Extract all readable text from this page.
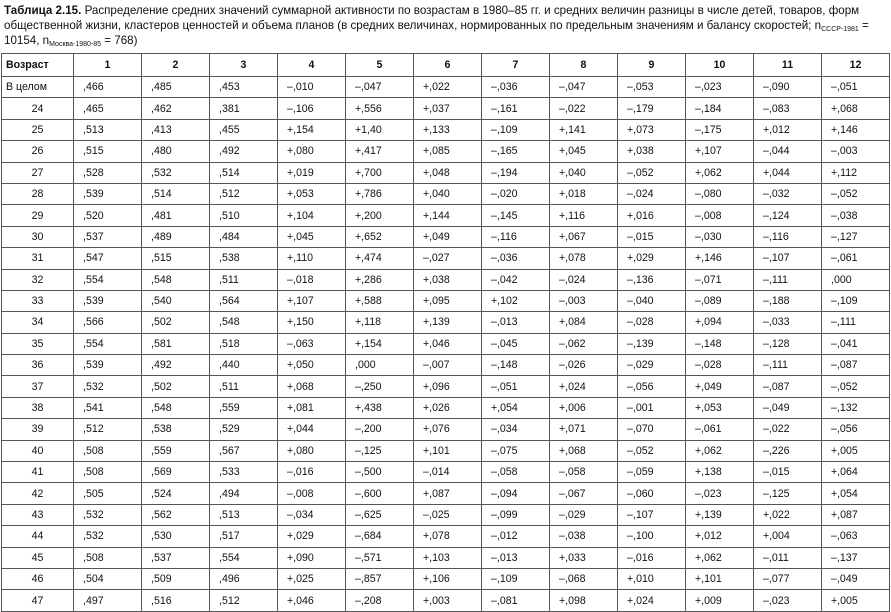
Таблица 2.15. Распределение средних значений суммарной активности по возрастам в 1980–85 гг. и средних величин разницы в числе детей, товаров, форм общественной жизни, кластеров ценностей и объема планов (в средних величинах, нормированных по предельным значениям и балансу скоростей; $n_{СССР-1981} = 10154$, $n_{Москва-1980-85} = 768$)
Возраст	1	2	3	4	5	6	7	8	9	10	11	12
В целом	,466	,485	,453	–,010	–,047	+,022	–,036	–,047	–,053	–,023	–,090	–,051
24	,465	,462	,381	–,106	+,556	+,037	–,161	–,022	–,179	–,184	–,083	+,068
25	,513	,413	,455	+,154	+1,40	+,133	–,109	+,141	+,073	–,175	+,012	+,146
26	,515	,480	,492	+,080	+,417	+,085	–,165	+,045	+,038	+,107	–,044	–,003
27	,528	,532	,514	+,019	+,700	+,048	–,194	+,040	–,052	+,062	+,044	+,112
28	,539	,514	,512	+,053	+,786	+,040	–,020	+,018	–,024	–,080	–,032	–,052
29	,520	,481	,510	+,104	+,200	+,144	–,145	+,116	+,016	–,008	–,124	–,038
30	,537	,489	,484	+,045	+,652	+,049	–,116	+,067	–,015	–,030	–,116	–,127
31	,547	,515	,538	+,110	+,474	–,027	–,036	+,078	+,029	+,146	–,107	–,061
32	,554	,548	,511	–,018	+,286	+,038	–,042	–,024	–,136	–,071	–,111	,000
33	,539	,540	,564	+,107	+,588	+,095	+,102	–,003	–,040	–,089	–,188	–,109
34	,566	,502	,548	+,150	+,118	+,139	–,013	+,084	–,028	+,094	–,033	–,111
35	,554	,581	,518	–,063	+,154	+,046	–,045	–,062	–,139	–,148	–,128	–,041
36	,539	,492	,440	+,050	,000	–,007	–,148	–,026	–,029	–,028	–,111	–,087
37	,532	,502	,511	+,068	–,250	+,096	–,051	+,024	–,056	+,049	–,087	–,052
38	,541	,548	,559	+,081	+,438	+,026	+,054	+,006	–,001	+,053	–,049	–,132
39	,512	,538	,529	+,044	–,200	+,076	–,034	+,071	–,070	–,061	–,022	–,056
40	,508	,559	,567	+,080	–,125	+,101	–,075	+,068	–,052	+,062	–,226	+,005
41	,508	,569	,533	–,016	–,500	–,014	–,058	–,058	–,059	+,138	–,015	+,064
42	,505	,524	,494	–,008	–,600	+,087	–,094	–,067	–,060	–,023	–,125	+,054
43	,532	,562	,513	–,034	–,625	–,025	–,099	–,029	–,107	+,139	+,022	+,087
44	,532	,530	,517	+,029	–,684	+,078	–,012	–,038	–,100	+,012	+,004	–,063
45	,508	,537	,554	+,090	–,571	+,103	–,013	+,033	–,016	+,062	–,011	–,137
46	,504	,509	,496	+,025	–,857	+,106	–,109	–,068	+,010	+,101	–,077	–,049
47	,497	,516	,512	+,046	–,208	+,003	–,081	+,098	+,024	+,009	–,023	+,005
